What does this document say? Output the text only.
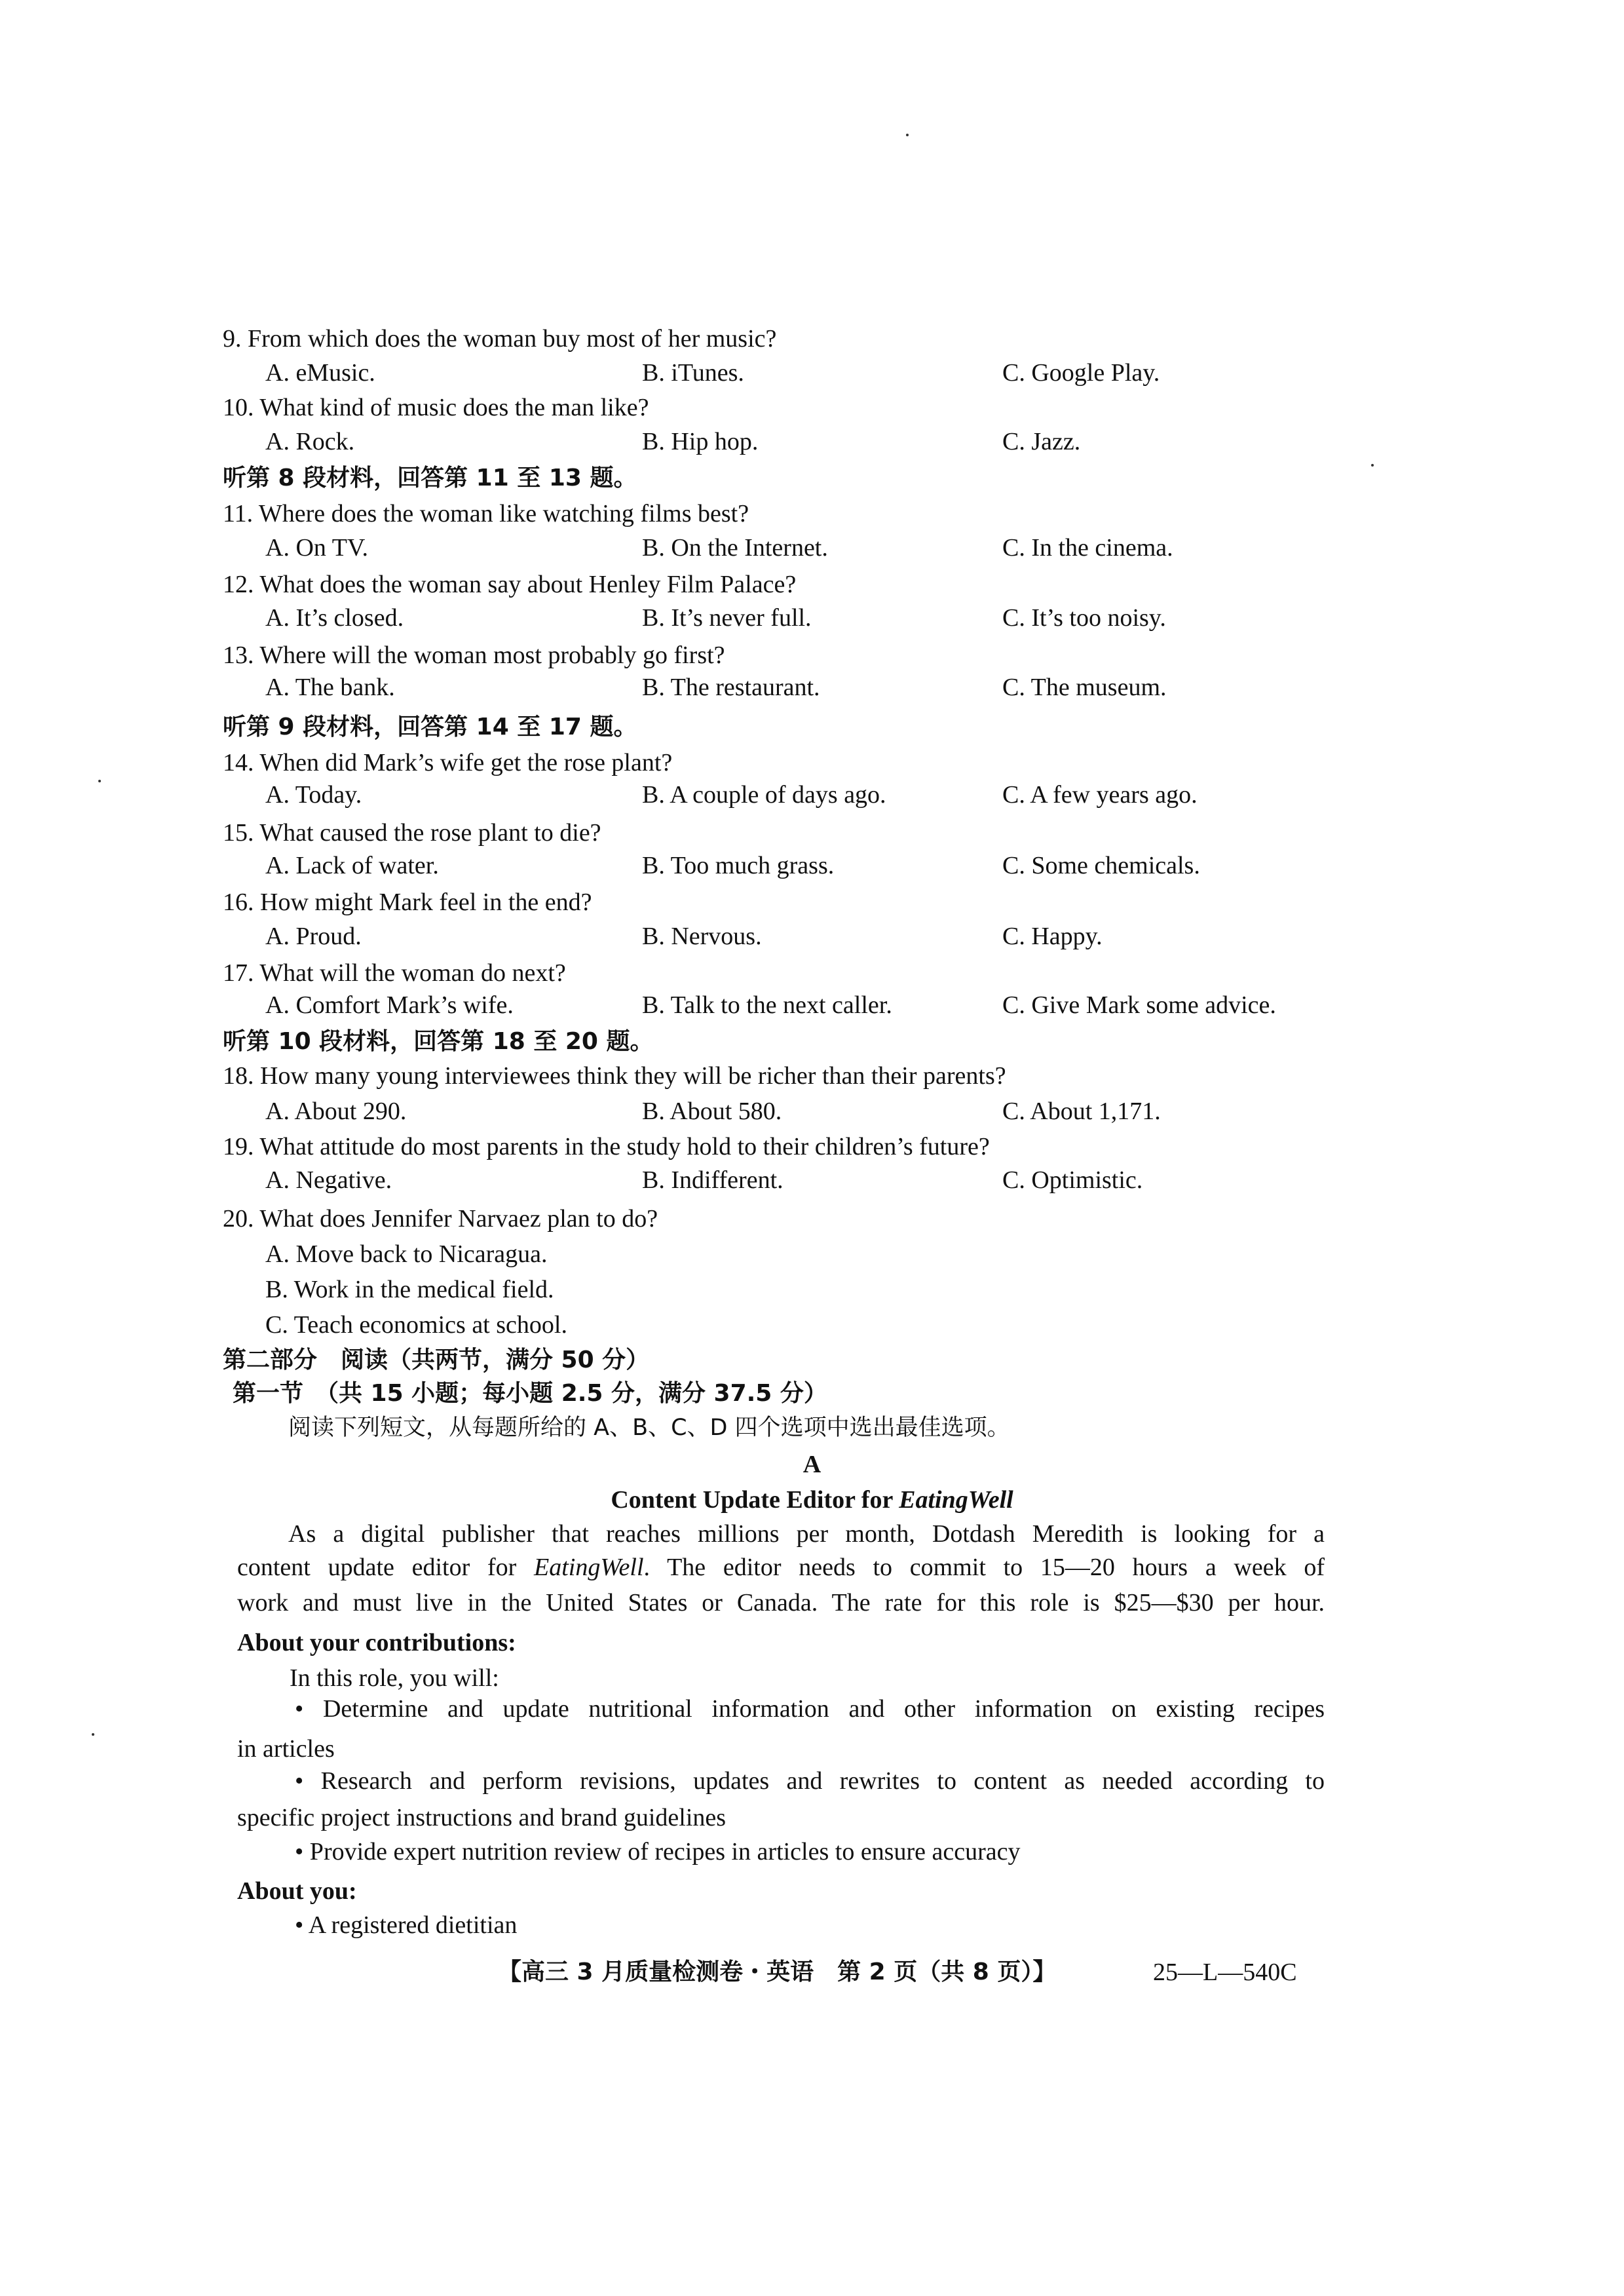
9. From which does the woman buy most of her music?
A. eMusic.	B. iTunes.	C. Google Play.
10. What kind of music does the man like?
A. Rock.	B. Hip hop.	C. Jazz.
听第 8 段材料，回答第 11 至 13 题。
11. Where does the woman like watching films best?
A. On TV.	B. On the Internet.	C. In the cinema.
12. What does the woman say about Henley Film Palace?
A. It’s closed.	B. It’s never full.	C. It’s too noisy.
13. Where will the woman most probably go first?
A. The bank.	B. The restaurant.	C. The museum.
听第 9 段材料，回答第 14 至 17 题。
14. When did Mark’s wife get the rose plant?
A. Today.	B. A couple of days ago.	C. A few years ago.
15. What caused the rose plant to die?
A. Lack of water.	B. Too much grass.	C. Some chemicals.
16. How might Mark feel in the end?
A. Proud.	B. Nervous.	C. Happy.
17. What will the woman do next?
A. Comfort Mark’s wife.	B. Talk to the next caller.	C. Give Mark some advice.
听第 10 段材料，回答第 18 至 20 题。
18. How many young interviewees think they will be richer than their parents?
A. About 290.	B. About 580.	C. About 1,171.
19. What attitude do most parents in the study hold to their children’s future?
A. Negative.	B. Indifferent.	C. Optimistic.
20. What does Jennifer Narvaez plan to do?
A. Move back to Nicaragua.
B. Work in the medical field.
C. Teach economics at school.
第二部分　阅读（共两节，满分 50 分）
第一节　（共 15 小题；每小题 2.5 分，满分 37.5 分）
阅读下列短文，从每题所给的 A、B、C、D 四个选项中选出最佳选项。
A
Content Update Editor for EatingWell
As a digital publisher that reaches millions per month, Dotdash Meredith is looking for a
content update editor for EatingWell. The editor needs to commit to 15—20 hours a week of
work and must live in the United States or Canada. The rate for this role is $25—$30 per hour.
About your contributions:
In this role, you will:
• Determine and update nutritional information and other information on existing recipes
in articles
• Research and perform revisions, updates and rewrites to content as needed according to
specific project instructions and brand guidelines
• Provide expert nutrition review of recipes in articles to ensure accuracy
About you:
• A registered dietitian
【高三 3 月质量检测卷・英语　第 2 页（共 8 页）】	25—L—540C
